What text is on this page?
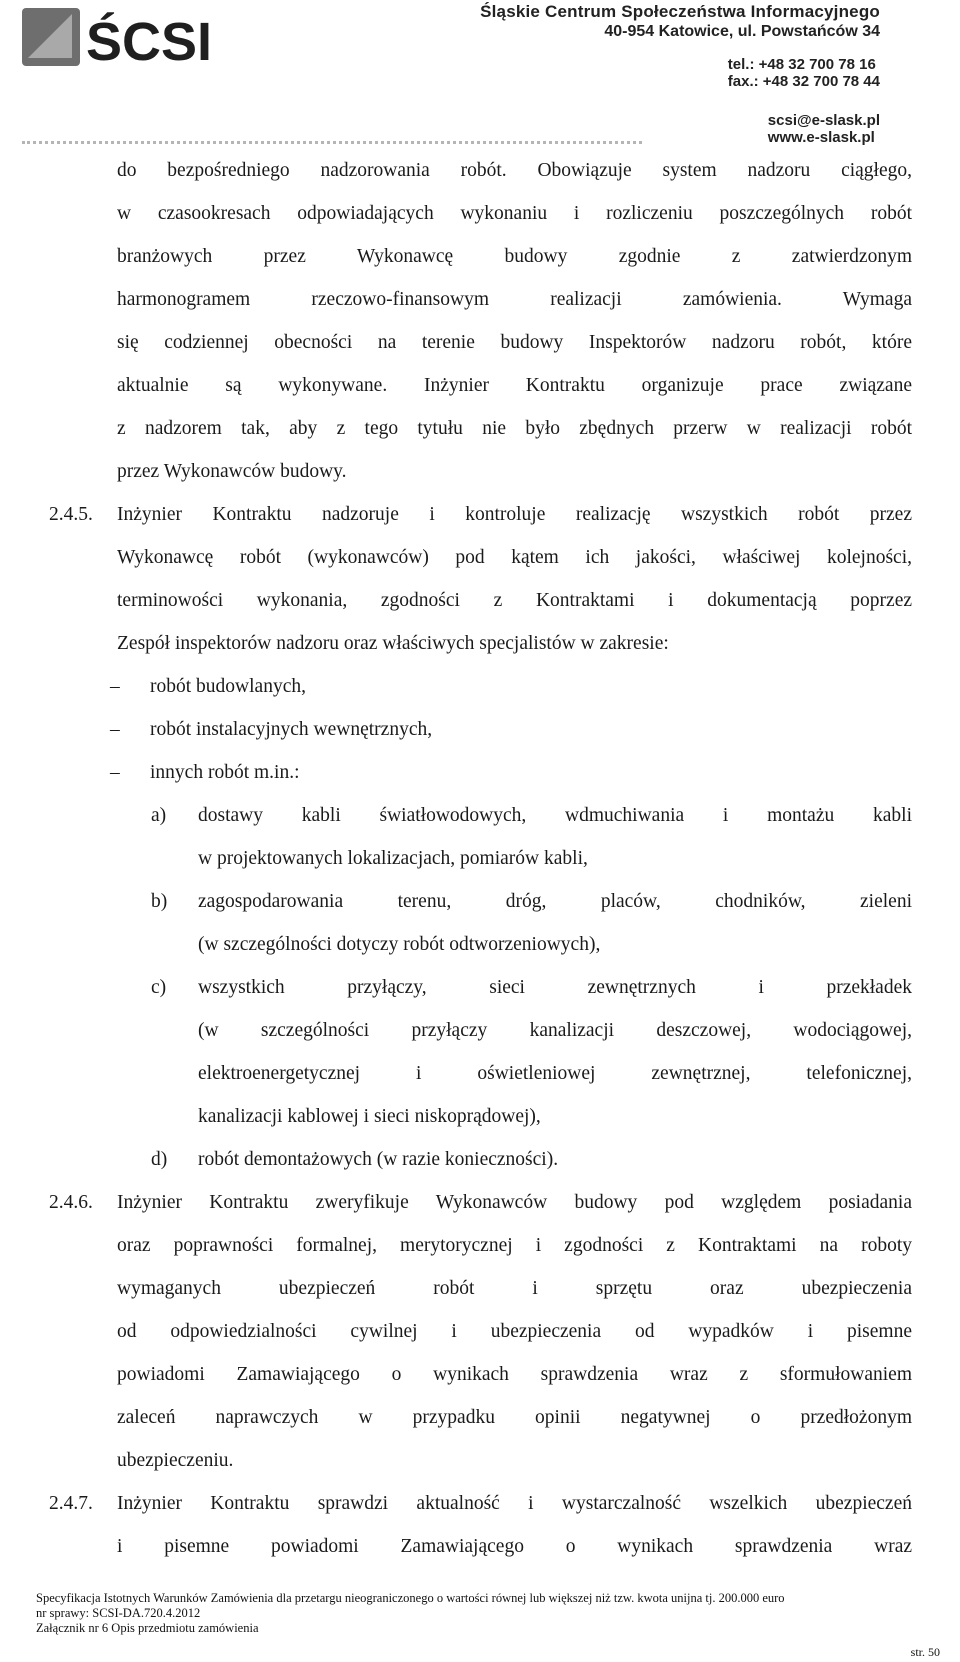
ŚCSI
Śląskie Centrum Społeczeństwa Informacyjnego
40-954 Katowice, ul. Powstańców 34
tel.: +48 32 700 78 16
fax.: +48 32 700 78 44
scsi@e-slask.pl
www.e-slask.pl
do bezpośredniego nadzorowania robót. Obowiązuje system nadzoru ciągłego,
w czasookresach odpowiadających wykonaniu i rozliczeniu poszczególnych robót
branżowych przez Wykonawcę budowy zgodnie z zatwierdzonym
harmonogramem rzeczowo-finansowym realizacji zamówienia. Wymaga
się codziennej obecności na terenie budowy Inspektorów nadzoru robót, które
aktualnie są wykonywane. Inżynier Kontraktu organizuje prace związane
z nadzorem tak, aby z tego tytułu nie było zbędnych przerw w realizacji robót
przez Wykonawców budowy.
2.4.5. Inżynier Kontraktu nadzoruje i kontroluje realizację wszystkich robót przez
Wykonawcę robót (wykonawców) pod kątem ich jakości, właściwej kolejności,
terminowości wykonania, zgodności z Kontraktami i dokumentacją poprzez
Zespół inspektorów nadzoru oraz właściwych specjalistów w zakresie:
– robót budowlanych,
– robót instalacyjnych wewnętrznych,
– innych robót m.in.:
a) dostawy kabli światłowodowych, wdmuchiwania i montażu kabli
w projektowanych lokalizacjach, pomiarów kabli,
b) zagospodarowania terenu, dróg, placów, chodników, zieleni
(w szczególności dotyczy robót odtworzeniowych),
c) wszystkich przyłączy, sieci zewnętrznych i przekładek
(w szczególności przyłączy kanalizacji deszczowej, wodociągowej,
elektroenergetycznej i oświetleniowej zewnętrznej, telefonicznej,
kanalizacji kablowej i sieci niskoprądowej),
d) robót demontażowych (w razie konieczności).
2.4.6. Inżynier Kontraktu zweryfikuje Wykonawców budowy pod względem posiadania
oraz poprawności formalnej, merytorycznej i zgodności z Kontraktami na roboty
wymaganych ubezpieczeń robót i sprzętu oraz ubezpieczenia
od odpowiedzialności cywilnej i ubezpieczenia od wypadków i pisemne
powiadomi Zamawiającego o wynikach sprawdzenia wraz z sformułowaniem
zaleceń naprawczych w przypadku opinii negatywnej o przedłożonym
ubezpieczeniu.
2.4.7. Inżynier Kontraktu sprawdzi aktualność i wystarczalność wszelkich ubezpieczeń
i pisemne powiadomi Zamawiającego o wynikach sprawdzenia wraz
Specyfikacja Istotnych Warunków Zamówienia dla przetargu nieograniczonego o wartości równej lub większej niż tzw. kwota unijna tj. 200.000 euro
nr sprawy: SCSI-DA.720.4.2012
Załącznik nr 6 Opis przedmiotu zamówienia
str. 50
